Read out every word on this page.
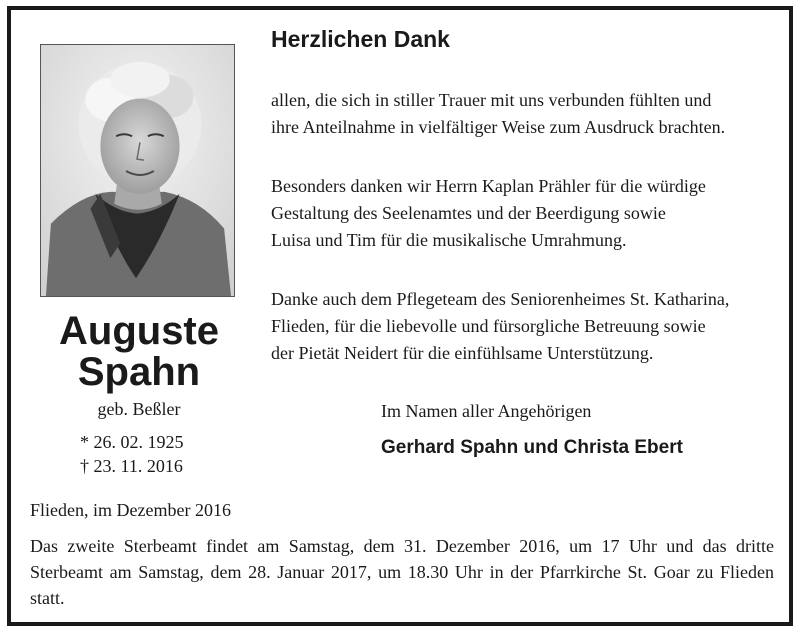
Auguste
Spahn
geb. Beßler
* 26. 02. 1925
† 23. 11. 2016
Herzlichen Dank
allen, die sich in stiller Trauer mit uns verbunden fühlten und
ihre Anteilnahme in vielfältiger Weise zum Ausdruck brachten.
Besonders danken wir Herrn Kaplan Prähler für die würdige
Gestaltung des Seelenamtes und der Beerdigung sowie
Luisa und Tim für die musikalische Umrahmung.
Danke auch dem Pflegeteam des Seniorenheimes St. Katharina,
Flieden, für die liebevolle und fürsorgliche Betreuung sowie
der Pietät Neidert für die einfühlsame Unterstützung.
Im Namen aller Angehörigen
Gerhard Spahn und Christa Ebert
Flieden, im Dezember 2016
Das zweite Sterbeamt findet am Samstag, dem 31. Dezember 2016, um 17 Uhr und das dritte Sterbeamt am Samstag, dem 28. Januar 2017, um 18.30 Uhr in der Pfarrkirche St. Goar zu Flieden statt.
